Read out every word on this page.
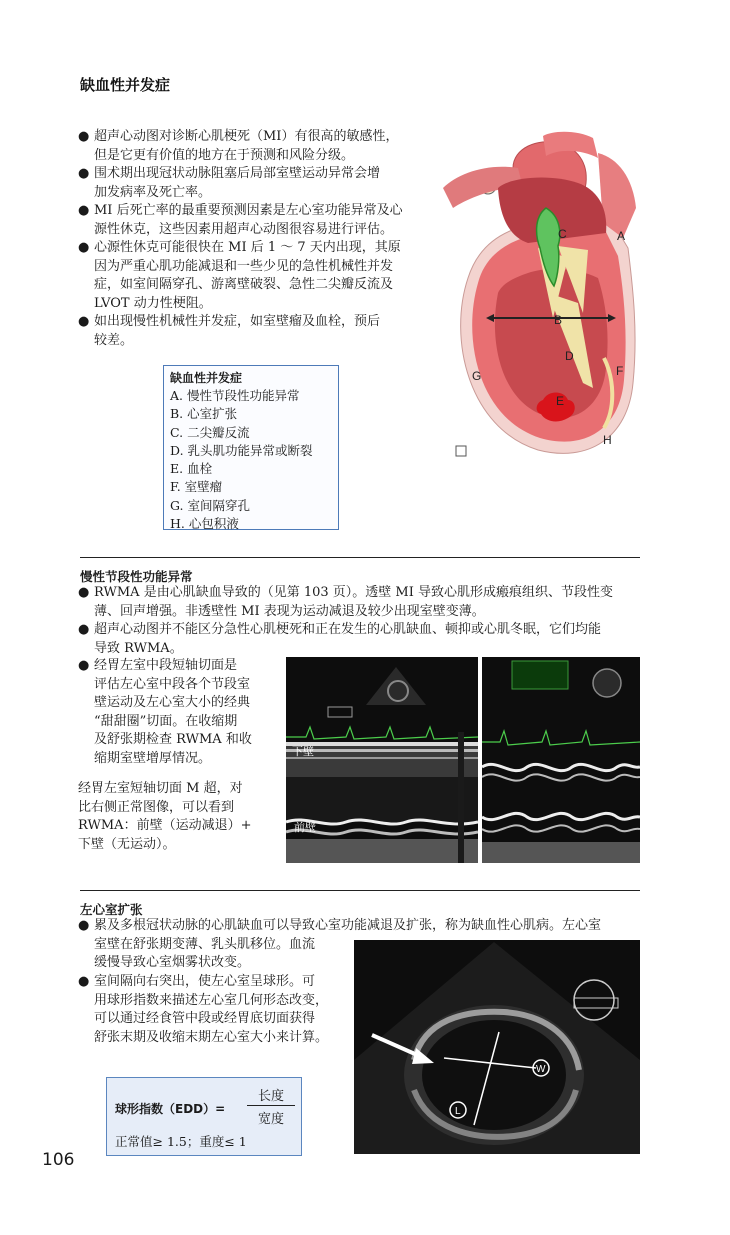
缺血性并发症
● 超声心动图对诊断心肌梗死（MI）有很高的敏感性，
但是它更有价值的地方在于预测和风险分级。
● 围术期出现冠状动脉阻塞后局部室壁运动异常会增
加发病率及死亡率。
● MI 后死亡率的最重要预测因素是左心室功能异常及心
源性休克，这些因素用超声心动图很容易进行评估。
● 心源性休克可能很快在 MI 后 1 ～ 7 天内出现，其原
因为严重心肌功能减退和一些少见的急性机械性并发
症，如室间隔穿孔、游离壁破裂、急性二尖瓣反流及
LVOT 动力性梗阻。
● 如出现慢性机械性并发症，如室壁瘤及血栓，预后
较差。
缺血性并发症
A. 慢性节段性功能异常
B. 心室扩张
C. 二尖瓣反流
D. 乳头肌功能异常或断裂
E. 血栓
F. 室壁瘤
G. 室间隔穿孔
H. 心包积液
C	A
B
D
F
G
E
H
慢性节段性功能异常
● RWMA 是由心肌缺血导致的（见第 103 页）。透壁 MI 导致心肌形成瘢痕组织、节段性变
薄、回声增强。非透壁性 MI 表现为运动减退及较少出现室壁变薄。
● 超声心动图并不能区分急性心肌梗死和正在发生的心肌缺血、顿抑或心肌冬眠，它们均能
导致 RWMA。
● 经胃左室中段短轴切面是
评估左心室中段各个节段室
壁运动及左心室大小的经典
“甜甜圈”切面。在收缩期
及舒张期检查 RWMA 和收
缩期室壁增厚情况。
经胃左室短轴切面 M 超，对
比右侧正常图像，可以看到
RWMA：前壁（运动减退）+
下壁（无运动）。
下壁
前壁
左心室扩张
● 累及多根冠状动脉的心肌缺血可以导致心室功能减退及扩张，称为缺血性心肌病。左心室
室壁在舒张期变薄、乳头肌移位。血流
缓慢导致心室烟雾状改变。
● 室间隔向右突出，使左心室呈球形。可
用球形指数来描述左心室几何形态改变，
可以通过经食管中段或经胃底切面获得
舒张末期及收缩末期左心室大小来计算。
球形指数（EDD）=
长度
宽度
正常值≥ 1.5；重度≤ 1
W
L
106
